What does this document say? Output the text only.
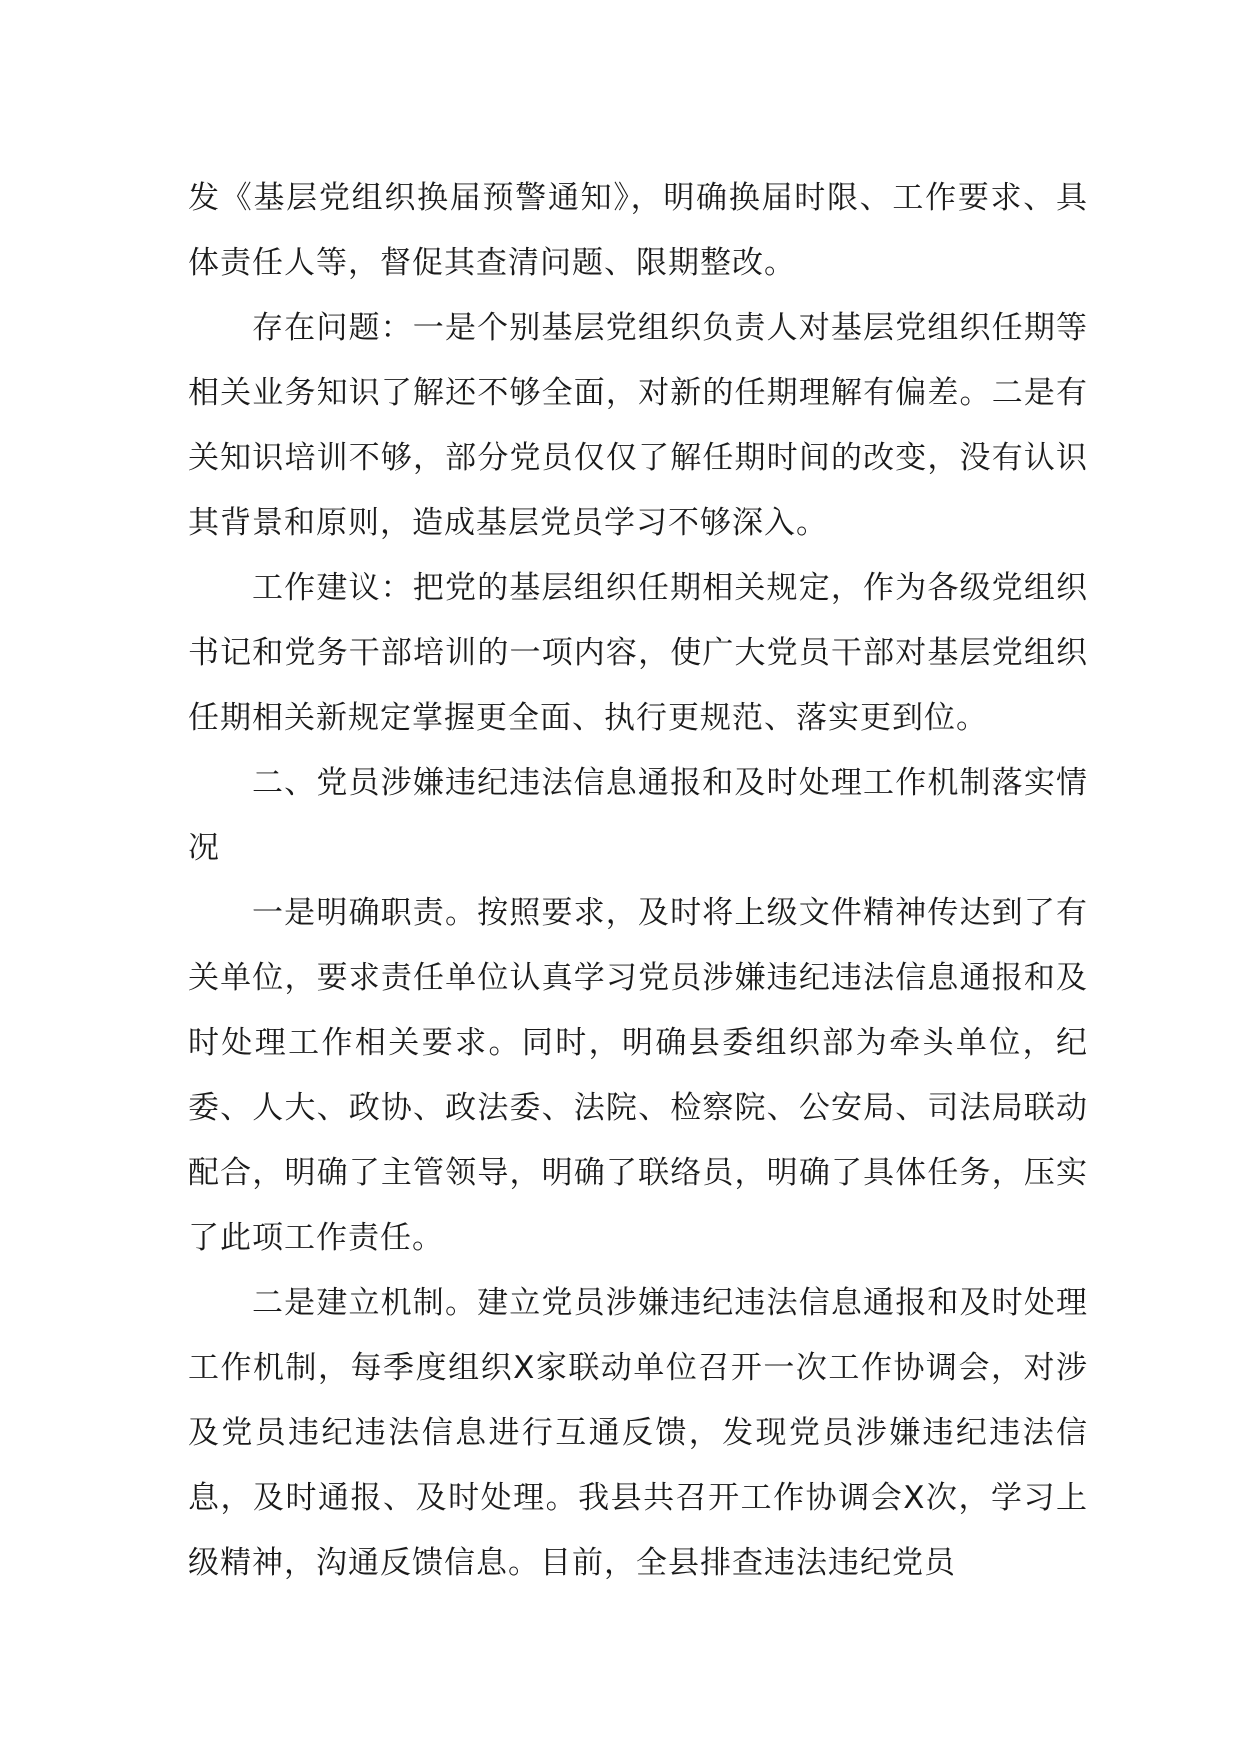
发《基层党组织换届预警通知》，明确换届时限、工作要求、具体责任人等，督促其查清问题、限期整改。

存在问题：一是个别基层党组织负责人对基层党组织任期等相关业务知识了解还不够全面，对新的任期理解有偏差。二是有关知识培训不够，部分党员仅仅了解任期时间的改变，没有认识其背景和原则，造成基层党员学习不够深入。

工作建议：把党的基层组织任期相关规定，作为各级党组织书记和党务干部培训的一项内容，使广大党员干部对基层党组织任期相关新规定掌握更全面、执行更规范、落实更到位。

二、党员涉嫌违纪违法信息通报和及时处理工作机制落实情况

一是明确职责。按照要求，及时将上级文件精神传达到了有关单位，要求责任单位认真学习党员涉嫌违纪违法信息通报和及时处理工作相关要求。同时，明确县委组织部为牵头单位，纪委、人大、政协、政法委、法院、检察院、公安局、司法局联动配合，明确了主管领导，明确了联络员，明确了具体任务，压实了此项工作责任。

二是建立机制。建立党员涉嫌违纪违法信息通报和及时处理工作机制，每季度组织X家联动单位召开一次工作协调会，对涉及党员违纪违法信息进行互通反馈，发现党员涉嫌违纪违法信息，及时通报、及时处理。我县共召开工作协调会X次，学习上级精神，沟通反馈信息。目前，全县排查违法违纪党员
